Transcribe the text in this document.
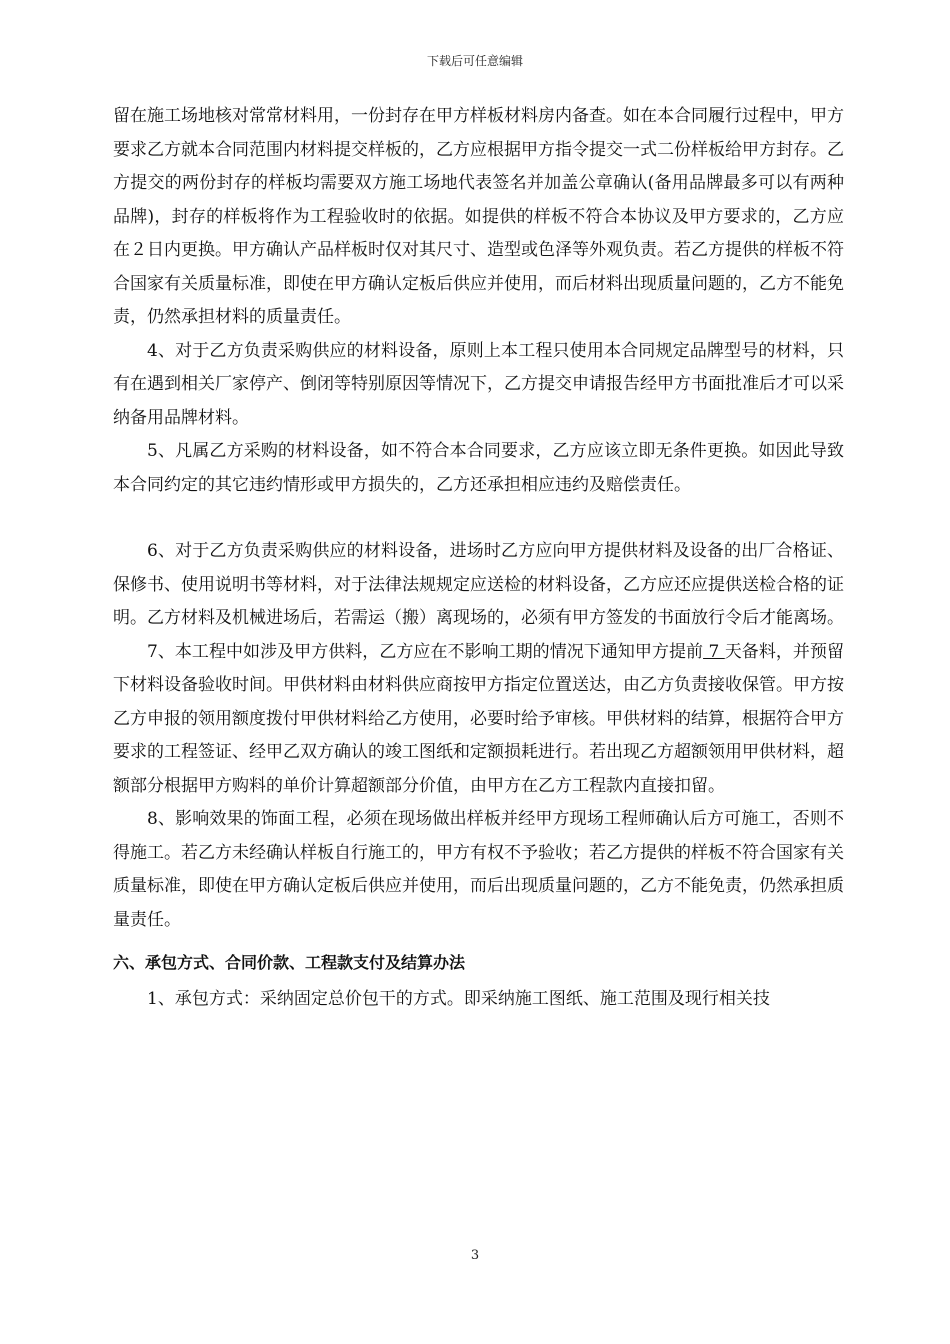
下载后可任意编辑

留在施工场地核对常常材料用，一份封存在甲方样板材料房内备查。如在本合同履行过程中，甲方要求乙方就本合同范围内材料提交样板的，乙方应根据甲方指令提交一式二份样板给甲方封存。乙方提交的两份封存的样板均需要双方施工场地代表签名并加盖公章确认(备用品牌最多可以有两种品牌)，封存的样板将作为工程验收时的依据。如提供的样板不符合本协议及甲方要求的，乙方应在２日内更换。甲方确认产品样板时仅对其尺寸、造型或色泽等外观负责。若乙方提供的样板不符合国家有关质量标准，即使在甲方确认定板后供应并使用，而后材料出现质量问题的，乙方不能免责，仍然承担材料的质量责任。

4、对于乙方负责采购供应的材料设备，原则上本工程只使用本合同规定品牌型号的材料，只有在遇到相关厂家停产、倒闭等特别原因等情况下，乙方提交申请报告经甲方书面批准后才可以采纳备用品牌材料。

5、凡属乙方采购的材料设备，如不符合本合同要求，乙方应该立即无条件更换。如因此导致本合同约定的其它违约情形或甲方损失的，乙方还承担相应违约及赔偿责任。

6、对于乙方负责采购供应的材料设备，进场时乙方应向甲方提供材料及设备的出厂合格证、保修书、使用说明书等材料，对于法律法规规定应送检的材料设备，乙方应还应提供送检合格的证明。乙方材料及机械进场后，若需运（搬）离现场的，必须有甲方签发的书面放行令后才能离场。

7、本工程中如涉及甲方供料，乙方应在不影响工期的情况下通知甲方提前 7 天备料，并预留下材料设备验收时间。甲供材料由材料供应商按甲方指定位置送达，由乙方负责接收保管。甲方按乙方申报的领用额度拨付甲供材料给乙方使用，必要时给予审核。甲供材料的结算，根据符合甲方要求的工程签证、经甲乙双方确认的竣工图纸和定额损耗进行。若出现乙方超额领用甲供材料，超额部分根据甲方购料的单价计算超额部分价值，由甲方在乙方工程款内直接扣留。

8、影响效果的饰面工程，必须在现场做出样板并经甲方现场工程师确认后方可施工，否则不得施工。若乙方未经确认样板自行施工的，甲方有权不予验收；若乙方提供的样板不符合国家有关质量标准，即使在甲方确认定板后供应并使用，而后出现质量问题的，乙方不能免责，仍然承担质量责任。

六、承包方式、合同价款、工程款支付及结算办法

1、承包方式：采纳固定总价包干的方式。即采纳施工图纸、施工范围及现行相关技

3
